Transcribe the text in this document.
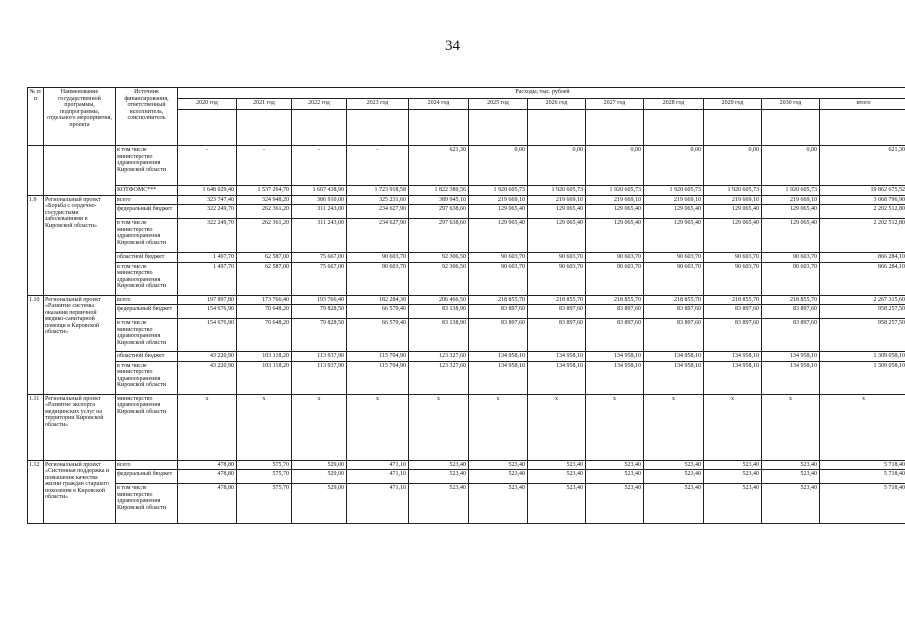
34
№ п/п	Наименование государственной программы, подпрограммы, отдельного мероприятия, проекта	Источник финансирования, ответственный исполнитель, соисполнитель	Расходы, тыс. рублей											
			2020 год	2021 год	2022 год	2023 год	2024 год	2025 год	2026 год	2027 год	2028 год	2029 год	2030 год	итого

		в том числе министерство здравоохранения Кировской области	-	-	-	-	621,30	0,00	0,00	0,00	0,00	0,00	0,00	621,30
		КОТФОМС***	1 648 029,40	1 537 264,70	1 607 438,90	1 723 918,58	1 822 389,56	1 920 605,73	1 920 605,73	1 920 605,73	1 920 605,73	1 920 605,73	1 920 605,73	19 862 675,52
1.9	Региональный проект «Борьба с сердечно-сосудистыми заболеваниями в Кировской области»	всего	323 747,40	324 948,20	386 910,00	325 231,60	389 945,10	219 669,10	219 669,10	219 669,10	219 669,10	219 669,10	219 669,10	3 068 796,90
		федеральный бюджет	322 249,70	262 361,20	311 243,00	234 627,90	297 638,60	129 065,40	129 065,40	129 065,40	129 065,40	129 065,40	129 065,40	2 202 512,80
		в том числе министерство здравоохранения Кировской области	322 249,70	262 361,20	311 243,00	234 627,90	297 638,60	129 065,40	129 065,40	129 065,40	129 065,40	129 065,40	129 065,40	2 202 512,80
		областной бюджет	1 497,70	62 587,00	75 667,00	90 603,70	92 306,50	90 603,70	90 603,70	90 603,70	90 603,70	90 603,70	90 603,70	866 284,10
		в том числе министерство здравоохранения Кировской области	1 497,70	62 587,00	75 667,00	90 603,70	92 306,50	90 603,70	90 603,70	90 603,70	90 603,70	90 603,70	90 603,70	866 284,10
1.10	Региональный проект «Развитие системы оказания первичной медико-санитарной помощи в Кировской области»	всего	197 897,80	173 766,40	193 766,40	182 284,30	206 466,50	218 855,70	218 855,70	218 855,70	218 855,70	218 855,70	218 855,70	2 267 315,60
		федеральный бюджет	154 676,90	70 648,20	79 828,50	66 579,40	83 138,90	83 897,60	83 897,60	83 897,60	83 897,60	83 897,60	83 897,60	958 257,50
		в том числе министерство здравоохранения Кировской области	154 676,90	70 648,20	79 828,50	66 579,40	83 138,90	83 897,60	83 897,60	83 897,60	83 897,60	83 897,60	83 897,60	958 257,50
		областной бюджет	43 220,90	103 118,20	113 937,90	115 704,90	123 327,60	134 958,10	134 958,10	134 958,10	134 958,10	134 958,10	134 958,10	1 309 058,10
		в том числе министерство здравоохранения Кировской области	43 220,90	103 118,20	113 937,90	115 704,90	123 327,60	134 958,10	134 958,10	134 958,10	134 958,10	134 958,10	134 958,10	1 309 058,10
1.11	Региональный проект «Развитие экспорта медицинских услуг на территории Кировской области»	министерство здравоохранения Кировской области	х	х	х	х	х	х	х	х	х	х	х	х
1.12	Региональный проект «Системная поддержка и повышение качества жизни граждан старшего поколения в Кировской области»	всего	478,80	575,70	529,00	471,10	523,40	523,40	523,40	523,40	523,40	523,40	523,40	5 718,40
		федеральный бюджет	478,80	575,70	529,00	471,10	523,40	523,40	523,40	523,40	523,40	523,40	523,40	5 718,40
		в том числе министерство здравоохранения Кировской области	478,80	575,70	529,00	471,10	523,40	523,40	523,40	523,40	523,40	523,40	523,40	5 718,40
